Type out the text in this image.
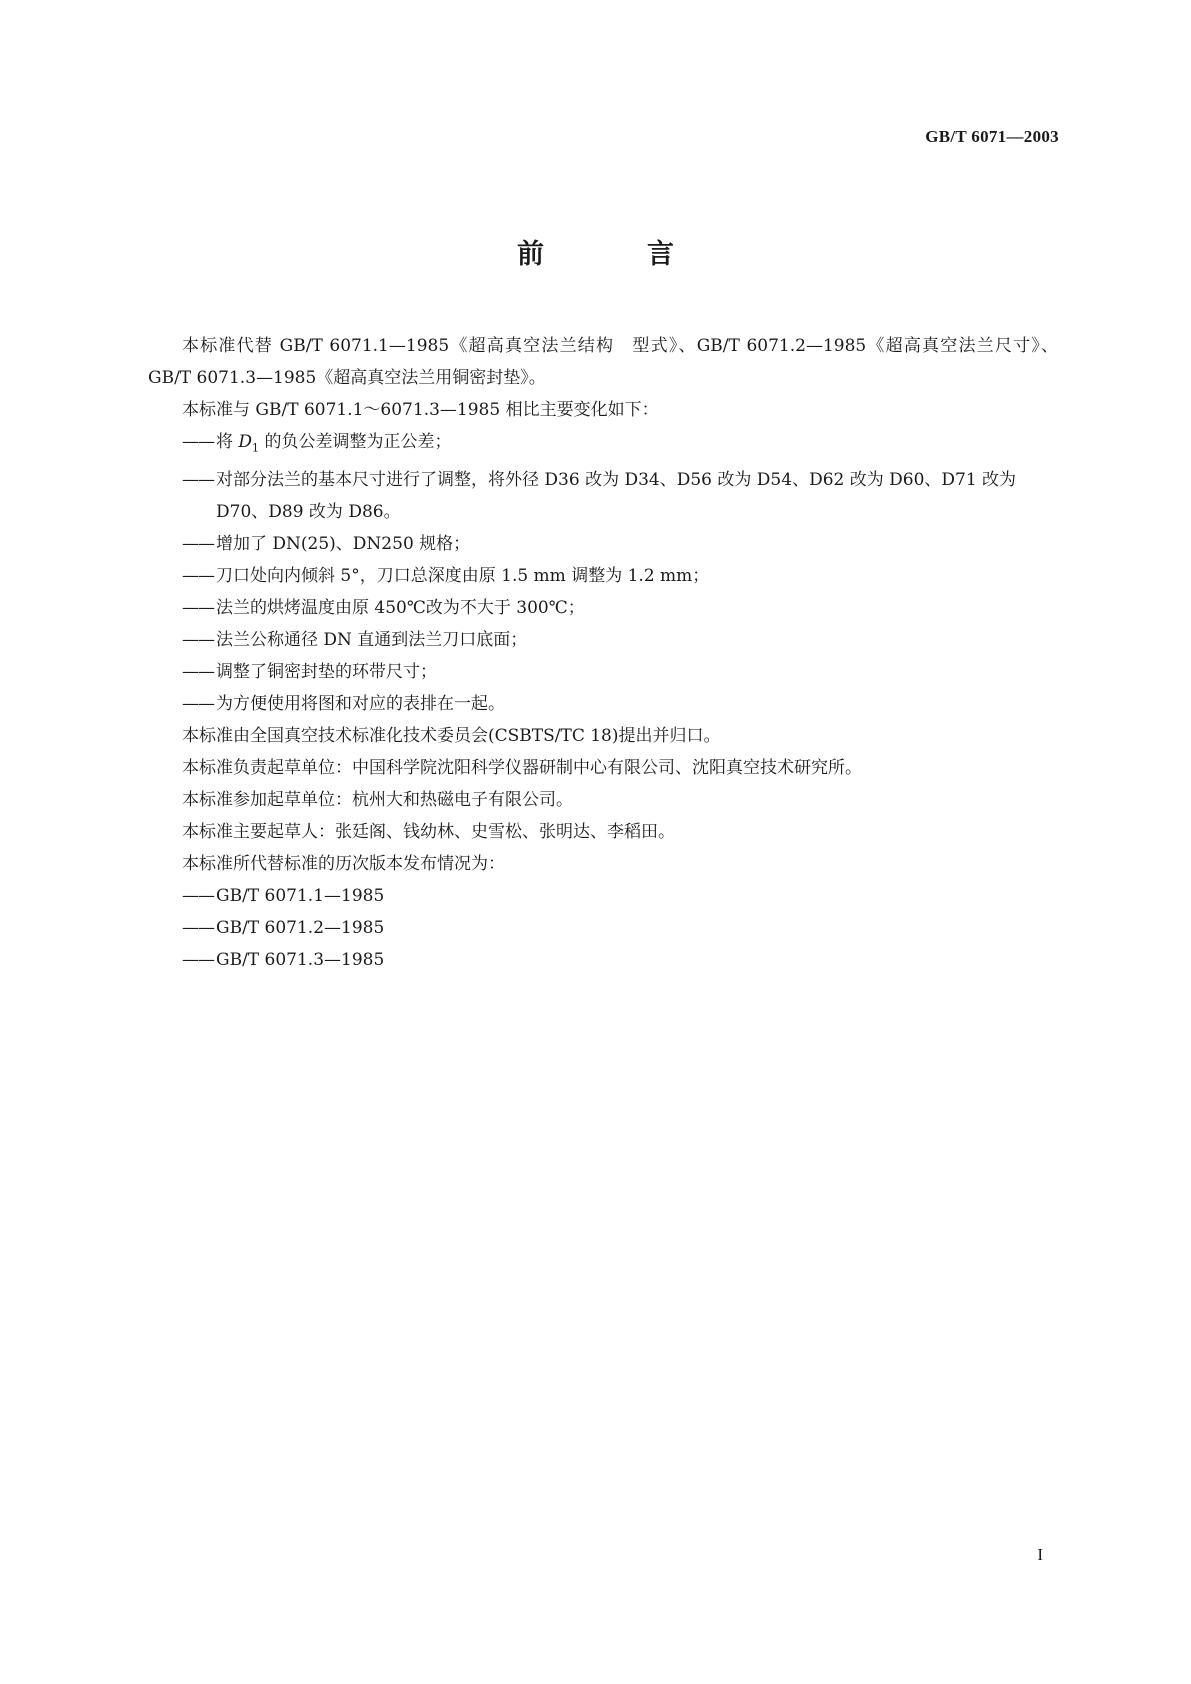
GB/T 6071—2003
前　言

本标准代替 GB/T 6071.1—1985《超高真空法兰结构　型式》、GB/T 6071.2—1985《超高真空法兰尺寸》、GB/T 6071.3—1985《超高真空法兰用铜密封垫》。

本标准与 GB/T 6071.1～6071.3—1985 相比主要变化如下：

—— 将 $D_1$ 的负公差调整为正公差；

—— 对部分法兰的基本尺寸进行了调整，将外径 D36 改为 D34、D56 改为 D54、D62 改为 D60、D71 改为 D70、D89 改为 D86。

—— 增加了 DN(25)、DN250 规格；

—— 刀口处向内倾斜 5°，刀口总深度由原 1.5 mm 调整为 1.2 mm；

—— 法兰的烘烤温度由原 450℃改为不大于 300℃；

—— 法兰公称通径 DN 直通到法兰刀口底面；

—— 调整了铜密封垫的环带尺寸；

—— 为方便使用将图和对应的表排在一起。

本标准由全国真空技术标准化技术委员会(CSBTS/TC 18)提出并归口。

本标准负责起草单位：中国科学院沈阳科学仪器研制中心有限公司、沈阳真空技术研究所。

本标准参加起草单位：杭州大和热磁电子有限公司。

本标准主要起草人：张廷阁、钱幼林、史雪松、张明达、李稻田。

本标准所代替标准的历次版本发布情况为：

—— GB/T 6071.1—1985

—— GB/T 6071.2—1985

—— GB/T 6071.3—1985

I
